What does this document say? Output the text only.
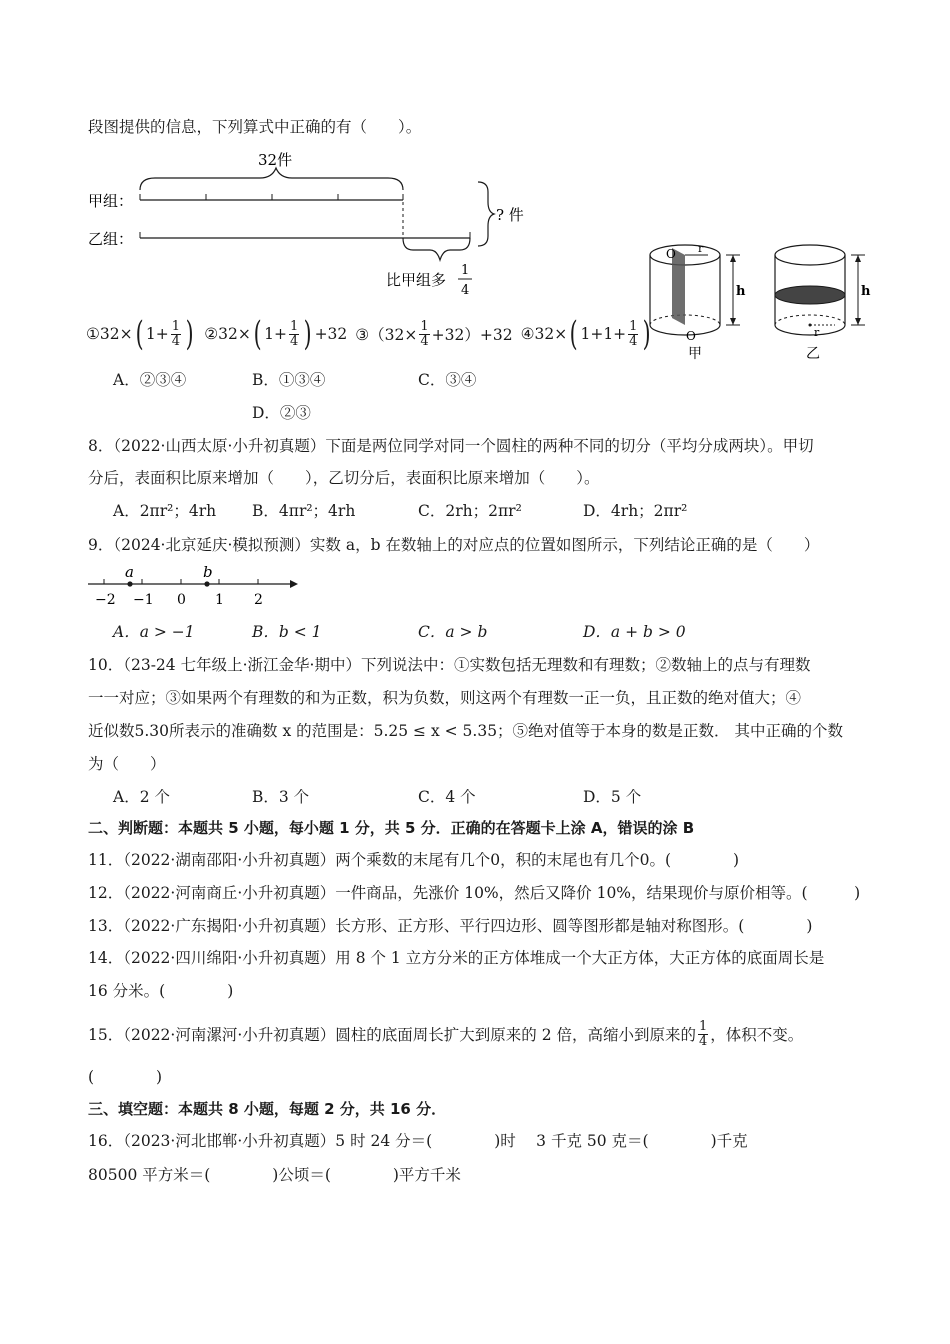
段图提供的信息，下列算式中正确的有（　　）。
32件
甲组：
乙组：
? 件
比甲组多
1
4
①32× ( $1+ \frac{1}{4}$ ) ②32× ( $1+ \frac{1}{4}$ ) +32 ③（32× $\frac{1}{4} +32)+32$ ④32× ( $1+1+ \frac{1}{4}$ )
A．②③④	B．①③④	C．③④
D．②③
O r
O
h
甲
r
h
乙
8．（2022·山西太原·小升初真题）下面是两位同学对同一个圆柱的两种不同的切分（平均分成两块）。甲切
分后，表面积比原来增加（　　），乙切分后，表面积比原来增加（　　）。
A．2πr²；4rh B．4πr²；4rh	C．2rh；2πr²	D．4rh；2πr²
9．（2024·北京延庆·模拟预测）实数 a，b 在数轴上的对应点的位置如图所示，下列结论正确的是（　　）
a	b
−2 −1 0 1 2
A．a > −1	B．b < 1	C．a > b	D．a + b > 0
10．（23-24 七年级上·浙江金华·期中）下列说法中：①实数包括无理数和有理数；②数轴上的点与有理数
一一对应；③如果两个有理数的和为正数，积为负数，则这两个有理数一正一负，且正数的绝对值大；④
近似数5.30所表示的准确数 x 的范围是：5.25 ≤ x < 5.35；⑤绝对值等于本身的数是正数． 其中正确的个数
为（　　）
A．2 个	B．3 个	C．4 个	D．5 个
二、判断题：本题共 5 小题，每小题 1 分，共 5 分．正确的在答题卡上涂 A，错误的涂 B
11．（2022·湖南邵阳·小升初真题）两个乘数的末尾有几个0，积的末尾也有几个0。(　　　　)
12．（2022·河南商丘·小升初真题）一件商品，先涨价 10%，然后又降价 10%，结果现价与原价相等。(　　　)
13．（2022·广东揭阳·小升初真题）长方形、正方形、平行四边形、圆等图形都是轴对称图形。(　　　　)
14．（2022·四川绵阳·小升初真题）用 8 个 1 立方分米的正方体堆成一个大正方体，大正方体的底面周长是
16 分米。(　　　　)
15．（2022·河南漯河·小升初真题）圆柱的底面周长扩大到原来的 2 倍，高缩小到原来的 $\frac{1}{4}$ ，体积不变。
(　　　　)
三、填空题：本题共 8 小题，每题 2 分，共 16 分．
16．（2023·河北邯郸·小升初真题）5 时 24 分＝(　　　　)时　 3 千克 50 克＝(　　　　)千克
80500 平方米＝(　　　　)公顷＝(　　　　)平方千米
